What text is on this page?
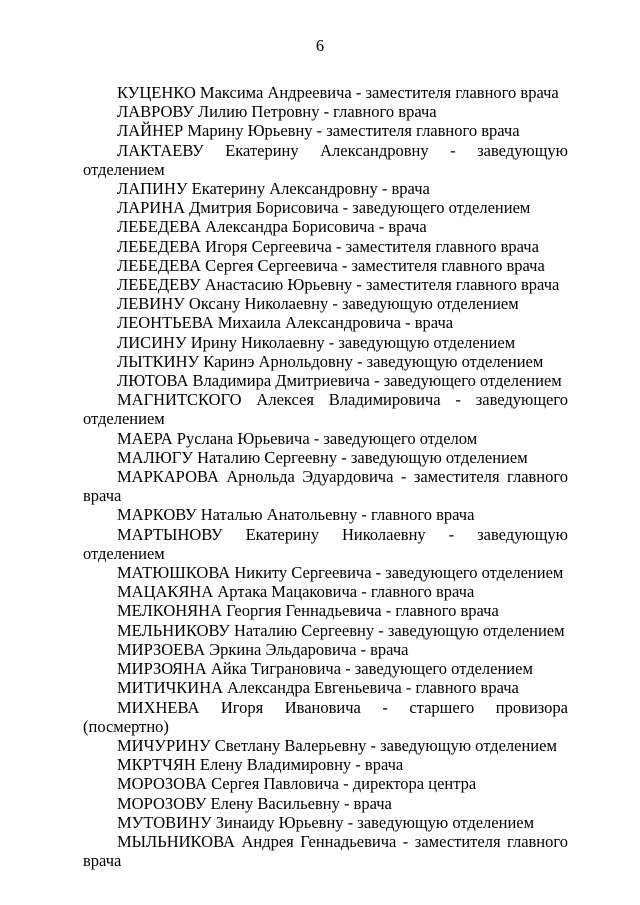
6

КУЦЕНКО Максима Андреевича - заместителя главного врача

ЛАВРОВУ Лилию Петровну - главного врача

ЛАЙНЕР Марину Юрьевну - заместителя главного врача

ЛАКТАЕВУ Екатерину Александровну - заведующую отделением

ЛАПИНУ Екатерину Александровну - врача

ЛАРИНА Дмитрия Борисовича - заведующего отделением

ЛЕБЕДЕВА Александра Борисовича - врача

ЛЕБЕДЕВА Игоря Сергеевича - заместителя главного врача

ЛЕБЕДЕВА Сергея Сергеевича - заместителя главного врача

ЛЕБЕДЕВУ Анастасию Юрьевну - заместителя главного врача

ЛЕВИНУ Оксану Николаевну - заведующую отделением

ЛЕОНТЬЕВА Михаила Александровича - врача

ЛИСИНУ Ирину Николаевну - заведующую отделением

ЛЫТКИНУ Каринэ Арнольдовну - заведующую отделением

ЛЮТОВА Владимира Дмитриевича - заведующего отделением

МАГНИТСКОГО Алексея Владимировича - заведующего
отделением

МАЕРА Руслана Юрьевича - заведующего отделом

МАЛЮГУ Наталию Сергеевну - заведующую отделением

МАРКАРОВА Арнольда Эдуардовича - заместителя главного
врача

МАРКОВУ Наталью Анатольевну - главного врача

МАРТЫНОВУ Екатерину Николаевну - заведующую отделением

МАТЮШКОВА Никиту Сергеевича - заведующего отделением

МАЦАКЯНА Артака Мацаковича - главного врача

МЕЛКОНЯНА Георгия Геннадьевича - главного врача

МЕЛЬНИКОВУ Наталию Сергеевну - заведующую отделением

МИРЗОЕВА Эркина Эльдаровича - врача

МИРЗОЯНА Айка Тиграновича - заведующего отделением

МИТИЧКИНА Александра Евгеньевича - главного врача

МИХНЕВА Игоря Ивановича - старшего провизора (посмертно)

МИЧУРИНУ Светлану Валерьевну - заведующую отделением

МКРТЧЯН Елену Владимировну - врача

МОРОЗОВА Сергея Павловича - директора центра

МОРОЗОВУ Елену Васильевну - врача

МУТОВИНУ Зинаиду Юрьевну - заведующую отделением

МЫЛЬНИКОВА Андрея Геннадьевича - заместителя главного
врача
